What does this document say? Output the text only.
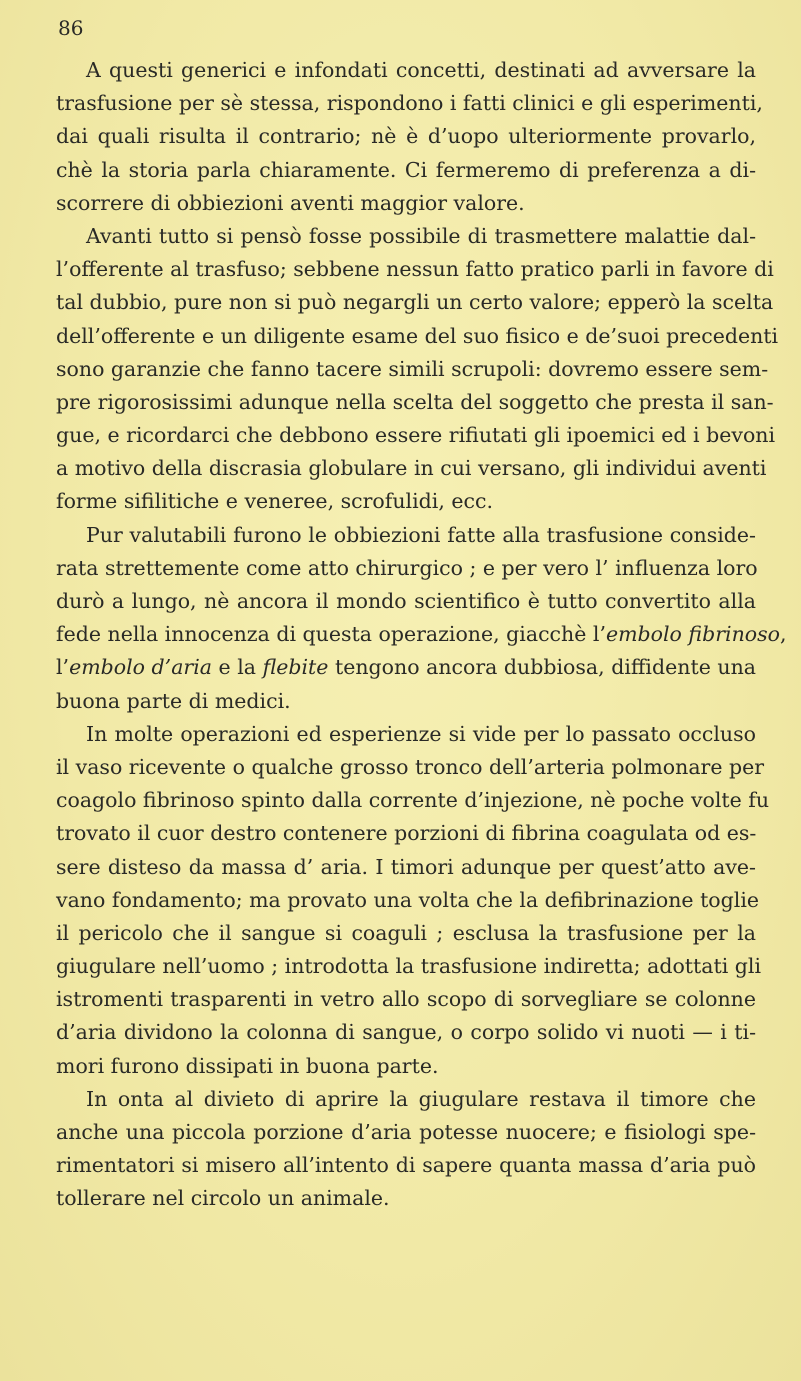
86
A questi generici e infondati concetti, destinati ad avversare la
trasfusione per sè stessa, rispondono i fatti clinici e gli esperimenti,
dai quali risulta il contrario; nè è d’uopo ulteriormente provarlo,
chè la storia parla chiaramente. Ci fermeremo di preferenza a di-
scorrere di obbiezioni aventi maggior valore.
Avanti tutto si pensò fosse possibile di trasmettere malattie dal-
l’offerente al trasfuso; sebbene nessun fatto pratico parli in favore di
tal dubbio, pure non si può negargli un certo valore; epperò la scelta
dell’offerente e un diligente esame del suo fisico e de’suoi precedenti
sono garanzie che fanno tacere simili scrupoli: dovremo essere sem-
pre rigorosissimi adunque nella scelta del soggetto che presta il san-
gue, e ricordarci che debbono essere rifiutati gli ipoemici ed i bevoni
a motivo della discrasia globulare in cui versano, gli individui aventi
forme sifilitiche e veneree, scrofulidi, ecc.
Pur valutabili furono le obbiezioni fatte alla trasfusione conside-
rata strettemente come atto chirurgico ; e per vero l’ influenza loro
durò a lungo, nè ancora il mondo scientifico è tutto convertito alla
fede nella innocenza di questa operazione, giacchè l’embolo fibrinoso,
l’embolo d’aria e la flebite tengono ancora dubbiosa, diffidente una
buona parte di medici.
In molte operazioni ed esperienze si vide per lo passato occluso
il vaso ricevente o qualche grosso tronco dell’arteria polmonare per
coagolo fibrinoso spinto dalla corrente d’injezione, nè poche volte fu
trovato il cuor destro contenere porzioni di fibrina coagulata od es-
sere disteso da massa d’ aria. I timori adunque per quest’atto ave-
vano fondamento; ma provato una volta che la defibrinazione toglie
il pericolo che il sangue si coaguli ; esclusa la trasfusione per la
giugulare nell’uomo ; introdotta la trasfusione indiretta; adottati gli
istromenti trasparenti in vetro allo scopo di sorvegliare se colonne
d’aria dividono la colonna di sangue, o corpo solido vi nuoti — i ti-
mori furono dissipati in buona parte.
In onta al divieto di aprire la giugulare restava il timore che
anche una piccola porzione d’aria potesse nuocere; e fisiologi spe-
rimentatori si misero all’intento di sapere quanta massa d’aria può
tollerare nel circolo un animale.
